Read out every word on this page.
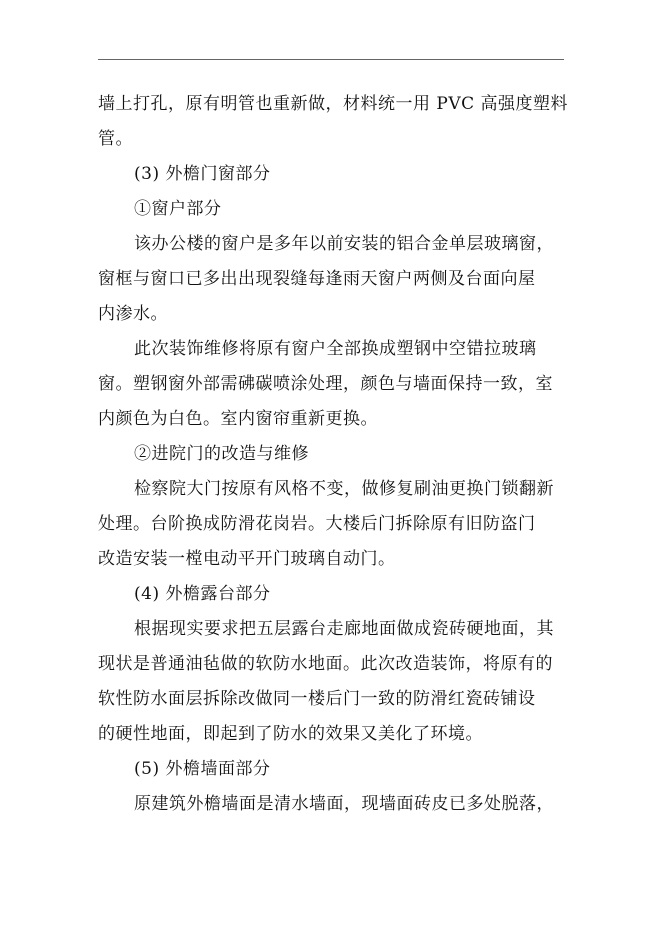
墙上打孔，原有明管也重新做，材料统一用 PVC 高强度塑料

管。

(3) 外檐门窗部分

①窗户部分

该办公楼的窗户是多年以前安装的铝合金单层玻璃窗，

窗框与窗口已多出出现裂缝每逢雨天窗户两侧及台面向屋

内渗水。

此次装饰维修将原有窗户全部换成塑钢中空错拉玻璃

窗。塑钢窗外部需砩碳喷涂处理，颜色与墙面保持一致，室

内颜色为白色。室内窗帘重新更换。

②进院门的改造与维修

检察院大门按原有风格不变，做修复刷油更换门锁翻新

处理。台阶换成防滑花岗岩。大楼后门拆除原有旧防盗门

改造安装一樘电动平开门玻璃自动门。

(4) 外檐露台部分

根据现实要求把五层露台走廊地面做成瓷砖硬地面，其

现状是普通油毡做的软防水地面。此次改造装饰，将原有的

软性防水面层拆除改做同一楼后门一致的防滑红瓷砖铺设

的硬性地面，即起到了防水的效果又美化了环境。

(5) 外檐墙面部分

原建筑外檐墙面是清水墙面，现墙面砖皮已多处脱落，
